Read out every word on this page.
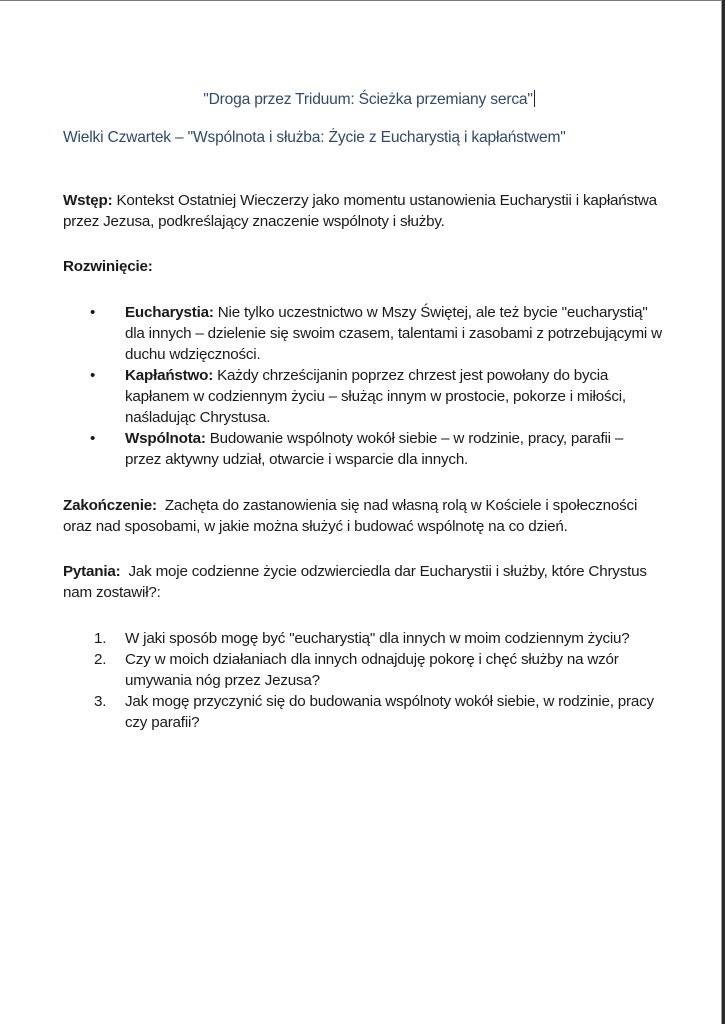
"Droga przez Triduum: Ścieżka przemiany serca"

Wielki Czwartek – "Wspólnota i służba: Życie z Eucharystią i kapłaństwem"

Wstęp: Kontekst Ostatniej Wieczerzy jako momentu ustanowienia Eucharystii i kapłaństwa przez Jezusa, podkreślający znaczenie wspólnoty i służby.

Rozwinięcie:

• Eucharystia: Nie tylko uczestnictwo w Mszy Świętej, ale też bycie "eucharystią" dla innych – dzielenie się swoim czasem, talentami i zasobami z potrzebującymi w duchu wdzięczności.
• Kapłaństwo: Każdy chrześcijanin poprzez chrzest jest powołany do bycia kapłanem w codziennym życiu – służąc innym w prostocie, pokorze i miłości, naśladując Chrystusa.
• Wspólnota: Budowanie wspólnoty wokół siebie – w rodzinie, pracy, parafii – przez aktywny udział, otwarcie i wsparcie dla innych.

Zakończenie:  Zachęta do zastanowienia się nad własną rolą w Kościele i społeczności oraz nad sposobami, w jakie można służyć i budować wspólnotę na co dzień.

Pytania:  Jak moje codzienne życie odzwierciedla dar Eucharystii i służby, które Chrystus nam zostawił?:

1. W jaki sposób mogę być "eucharystią" dla innych w moim codziennym życiu?
2. Czy w moich działaniach dla innych odnajduję pokorę i chęć służby na wzór umywania nóg przez Jezusa?
3. Jak mogę przyczynić się do budowania wspólnoty wokół siebie, w rodzinie, pracy czy parafii?
